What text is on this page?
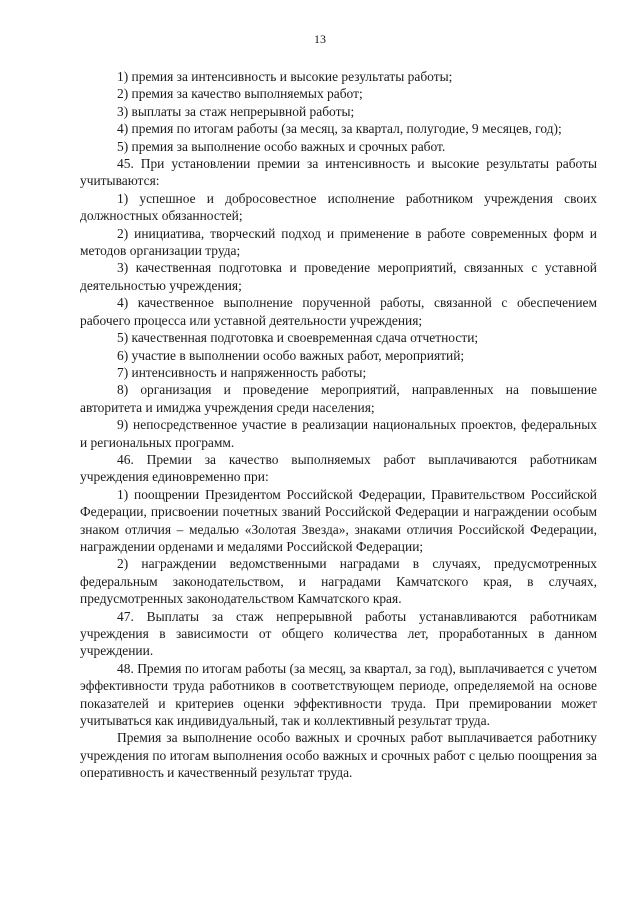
13

1) премия за интенсивность и высокие результаты работы;

2) премия за качество выполняемых работ;

3) выплаты за стаж непрерывной работы;

4) премия по итогам работы (за месяц, за квартал, полугодие, 9 месяцев, год);

5) премия за выполнение особо важных и срочных работ.

45. При установлении премии за интенсивность и высокие результаты работы учитываются:

1) успешное и добросовестное исполнение работником учреждения своих должностных обязанностей;

2) инициатива, творческий подход и применение в работе современных форм и методов организации труда;

3) качественная подготовка и проведение мероприятий, связанных с уставной деятельностью учреждения;

4) качественное выполнение порученной работы, связанной с обеспечением рабочего процесса или уставной деятельности учреждения;

5) качественная подготовка и своевременная сдача отчетности;

6) участие в выполнении особо важных работ, мероприятий;

7) интенсивность и напряженность работы;

8) организация и проведение мероприятий, направленных на повышение авторитета и имиджа учреждения среди населения;

9) непосредственное участие в реализации национальных проектов, федеральных и региональных программ.

46. Премии за качество выполняемых работ выплачиваются работникам учреждения единовременно при:

1) поощрении Президентом Российской Федерации, Правительством Российской Федерации, присвоении почетных званий Российской Федерации и награждении особым знаком отличия – медалью «Золотая Звезда», знаками отличия Российской Федерации, награждении орденами и медалями Российской Федерации;

2) награждении ведомственными наградами в случаях, предусмотренных федеральным законодательством, и наградами Камчатского края, в случаях, предусмотренных законодательством Камчатского края.

47. Выплаты за стаж непрерывной работы устанавливаются работникам учреждения в зависимости от общего количества лет, проработанных в данном учреждении.

48. Премия по итогам работы (за месяц, за квартал, за год), выплачивается с учетом эффективности труда работников в соответствующем периоде, определяемой на основе показателей и критериев оценки эффективности труда. При премировании может учитываться как индивидуальный, так и коллективный результат труда.

Премия за выполнение особо важных и срочных работ выплачивается работнику учреждения по итогам выполнения особо важных и срочных работ с целью поощрения за оперативность и качественный результат труда.
